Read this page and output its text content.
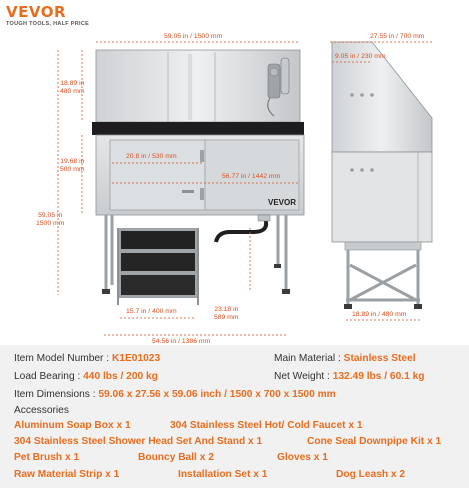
VEVOR
TOUGH TOOLS, HALF PRICE
VEVOR
59.05 in / 1500 mm
18.89 in
480 mm
19.68 in
500 mm
59.05 in
1500 mm
20.8 in / 530 mm
56.77 in / 1442 mm
15.7 in / 400 mm	23.18 in
589 mm
54.56 in / 1386 mm
27.55 in / 700 mm
9.05 in / 230 mm
18.89 in / 480 mm
Item Model Number : K1E01023	Main Material : Stainless Steel
Load Bearing : 440 lbs / 200 kg	Net Weight : 132.49 lbs / 60.1 kg
Item Dimensions : 59.06 x 27.56 x 59.06 inch / 1500 x 700 x 1500 mm
Accessories
Aluminum Soap Box x 1	304 Stainless Steel Hot/ Cold Faucet x 1
304 Stainless Steel Shower Head Set And Stand x 1	Cone Seal Downpipe Kit x 1
Pet Brush x 1	Bouncy Ball x 2	Gloves x 1
Raw Material Strip x 1	Installation Set x 1	Dog Leash x 2
